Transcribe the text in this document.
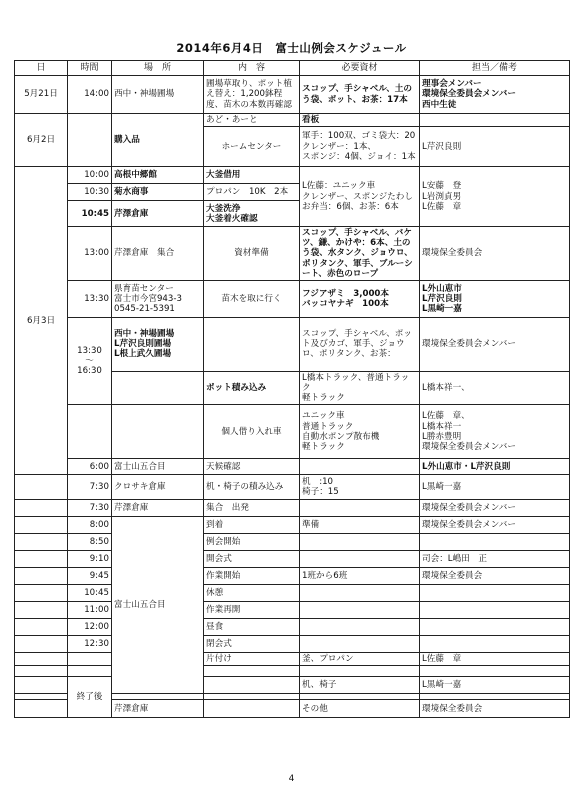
2014年6月4日　富士山例会スケジュール
日	時間	場　所	内　容	必要資材	担当／備考
5月21日	14:00	西中・神場圃場	圃場草取り、ポット植え替え：1,200鉢程度、苗木の本数再確認	スコップ、手シャベル、土のう袋、ポット、お茶：17本	理事会メンバー
環境保全委員会メンバー
西中生徒
6月2日		購入品	あど・あーと	看板	
			ホームセンター	軍手：100双、ゴミ袋大：20
クレンザー：1本、
スポンジ：4個、ジョイ：1本	L芹沢良則
6月3日	10:00	高根中郷館	大釜借用	L佐藤：ユニック車
クレンザー、スポンジたわし
お弁当：6個、お茶：6本	L安藤　登
L岩渕貞男
L佐藤　章
	10:30	菊水商事	プロパン　10K　2本		
	10:45	芹澤倉庫	大釜洗浄
大釜着火確認		
	13:00	芹澤倉庫　集合	資材準備	スコップ、手シャベル、バケツ、鎌、かけや：6本、土のう袋、水タンク、ジョウロ、ポリタンク、軍手、ブルーシート、赤色のロープ	環境保全委員会
	13:30	県育苗センター
富士市今宮943-3
0545-21-5391	苗木を取に行く	フジアザミ　3,000本
バッコヤナギ　100本	L外山恵市
L芹沢良則
L黒崎一嘉
	13:30
～
16:30	西中・神場圃場
L芹沢良則圃場
L根上武久圃場		スコップ、手シャベル、ポット及びカゴ、軍手、ジョウロ、ポリタンク、お茶：	環境保全委員会メンバー
			ポット積み込み	L橋本トラック、普通トラック
軽トラック	L橋本祥一、
			個人借り入れ車	ユニック車
普通トラック
自動水ポンプ散布機
軽トラック	L佐藤　章、
L橋本祥一
L勝赤豊明
環境保全委員会メンバー
	6:00	富士山五合目	天候確認		L外山恵市・L芹沢良則
	7:30	クロサキ倉庫	机・椅子の積み込み	机　:10
椅子：15	L黒崎一嘉
	7:30	芹澤倉庫	集合　出発		環境保全委員会メンバー
	8:00	富士山五合目	到着	準備	環境保全委員会メンバー
	8:50		例会開始		
	9:10		開会式		司会：L嶋田　正
	9:45		作業開始	1班から6班	環境保全委員会
	10:45		休憩		
	11:00		作業再開		
	12:00		昼食		
	12:30		閉会式		
			片付け	釜、プロパン	L佐藤　章

	終了後			机、椅子	L黒崎一嘉

		芹澤倉庫		その他	環境保全委員会
4
